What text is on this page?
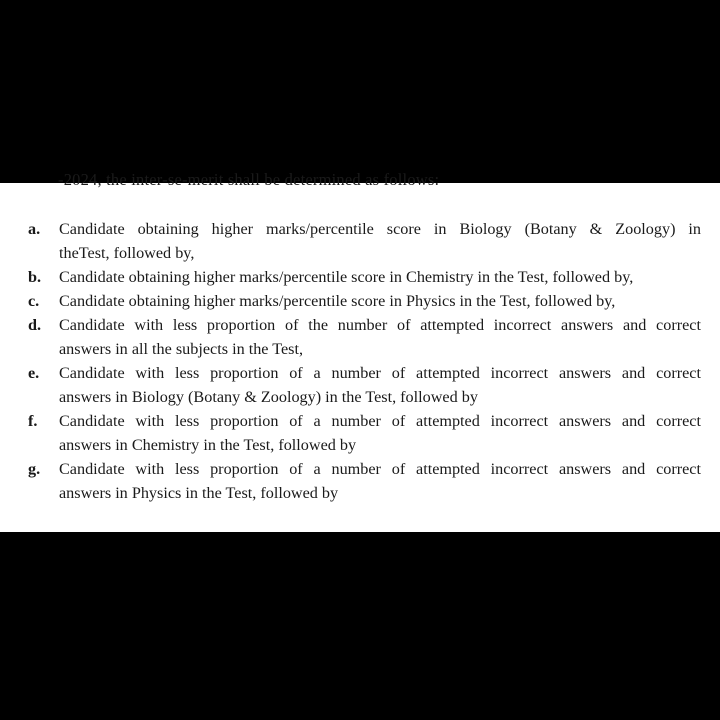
-2024, the inter-se-merit shall be determined as follows:
a.	Candidate obtaining higher marks/percentile score in Biology (Botany & Zoology) in
theTest, followed by,
b.	Candidate obtaining higher marks/percentile score in Chemistry in the Test, followed by,
c.	Candidate obtaining higher marks/percentile score in Physics in the Test, followed by,
d.	Candidate with less proportion of the number of attempted incorrect answers and correct
answers in all the subjects in the Test,
e.	Candidate with less proportion of a number of attempted incorrect answers and correct
answers in Biology (Botany & Zoology) in the Test, followed by
f.	Candidate with less proportion of a number of attempted incorrect answers and correct
answers in Chemistry in the Test, followed by
g.	Candidate with less proportion of a number of attempted incorrect answers and correct
answers in Physics in the Test, followed by
